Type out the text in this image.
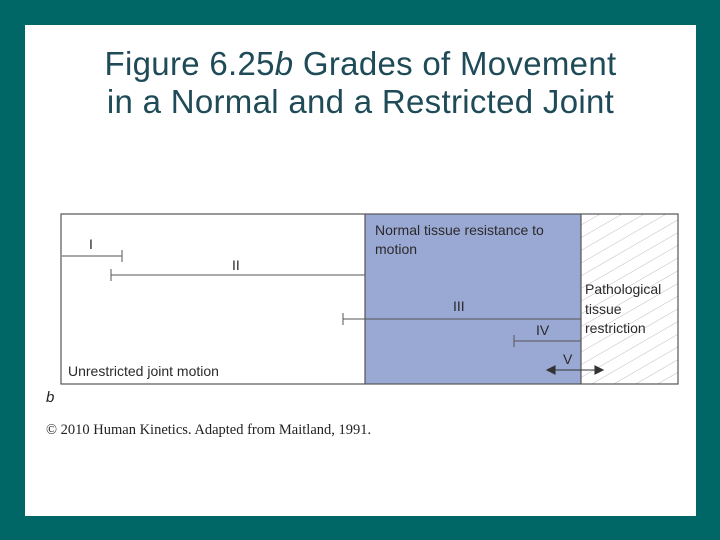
Figure 6.25b Grades of Movement
in a Normal and a Restricted Joint
I
II
III
IV
V
Normal tissue resistance to
motion
Pathological
tissue
restriction
Unrestricted joint motion
b
© 2010 Human Kinetics. Adapted from Maitland, 1991.
